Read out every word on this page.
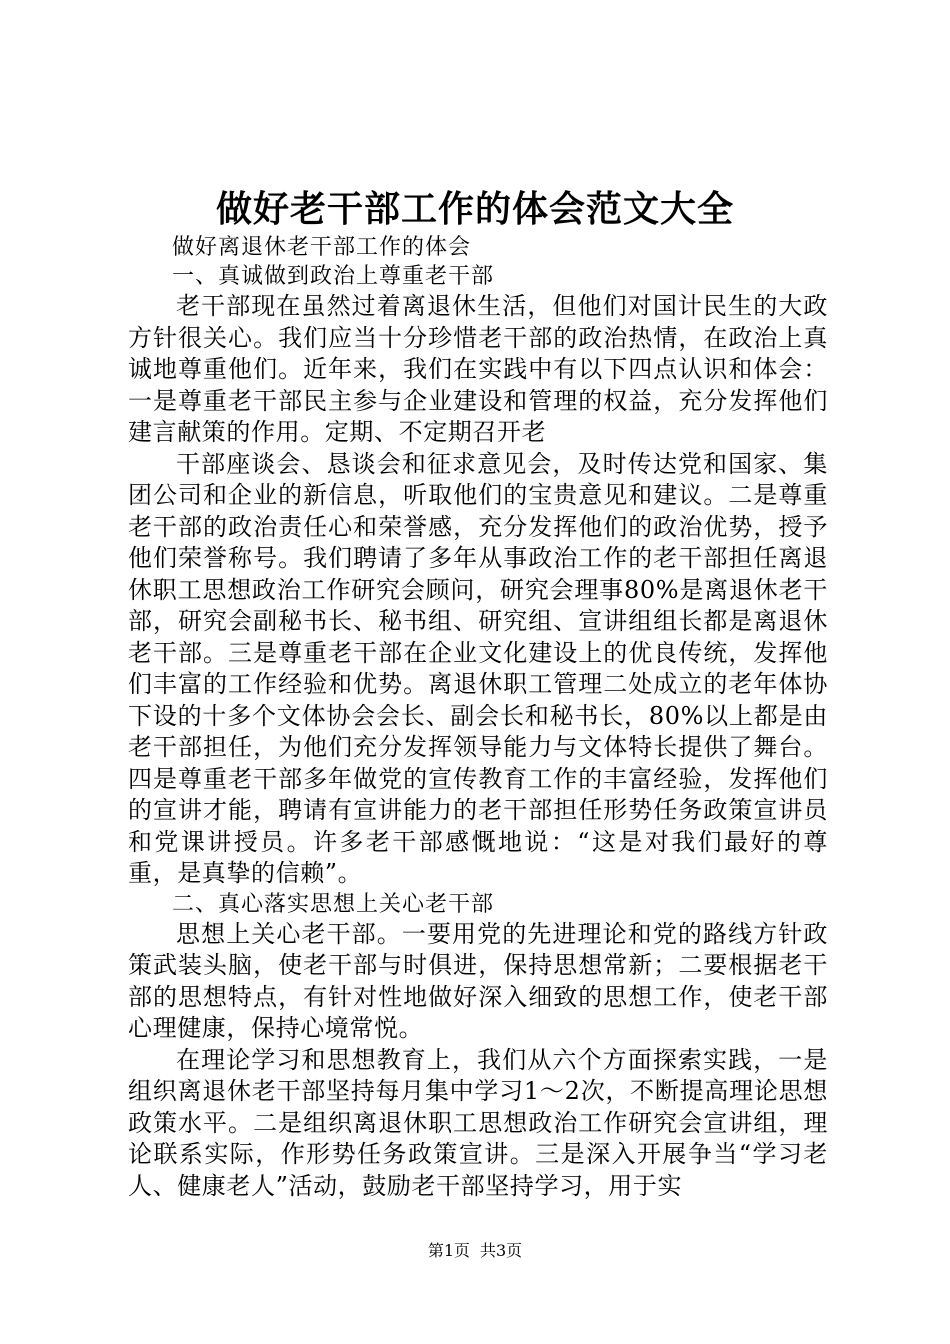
做好老干部工作的体会范文大全

做好离退休老干部工作的体会

一、真诚做到政治上尊重老干部

老干部现在虽然过着离退休生活，但他们对国计民生的大政方针很关心。我们应当十分珍惜老干部的政治热情，在政治上真诚地尊重他们。近年来，我们在实践中有以下四点认识和体会：一是尊重老干部民主参与企业建设和管理的权益，充分发挥他们建言献策的作用。定期、不定期召开老

干部座谈会、恳谈会和征求意见会，及时传达党和国家、集团公司和企业的新信息，听取他们的宝贵意见和建议。二是尊重老干部的政治责任心和荣誉感，充分发挥他们的政治优势，授予他们荣誉称号。我们聘请了多年从事政治工作的老干部担任离退休职工思想政治工作研究会顾问，研究会理事80%是离退休老干部，研究会副秘书长、秘书组、研究组、宣讲组组长都是离退休老干部。三是尊重老干部在企业文化建设上的优良传统，发挥他们丰富的工作经验和优势。离退休职工管理二处成立的老年体协下设的十多个文体协会会长、副会长和秘书长，80%以上都是由老干部担任，为他们充分发挥领导能力与文体特长提供了舞台。四是尊重老干部多年做党的宣传教育工作的丰富经验，发挥他们的宣讲才能，聘请有宣讲能力的老干部担任形势任务政策宣讲员和党课讲授员。许多老干部感慨地说：“这是对我们最好的尊重，是真挚的信赖”。

二、真心落实思想上关心老干部

思想上关心老干部。一要用党的先进理论和党的路线方针政策武装头脑，使老干部与时俱进，保持思想常新；二要根据老干部的思想特点，有针对性地做好深入细致的思想工作，使老干部心理健康，保持心境常悦。

在理论学习和思想教育上，我们从六个方面探索实践，一是组织离退休老干部坚持每月集中学习1～2次，不断提高理论思想政策水平。二是组织离退休职工思想政治工作研究会宣讲组，理论联系实际，作形势任务政策宣讲。三是深入开展争当“学习老人、健康老人”活动，鼓励老干部坚持学习，用于实

第1页 共3页
